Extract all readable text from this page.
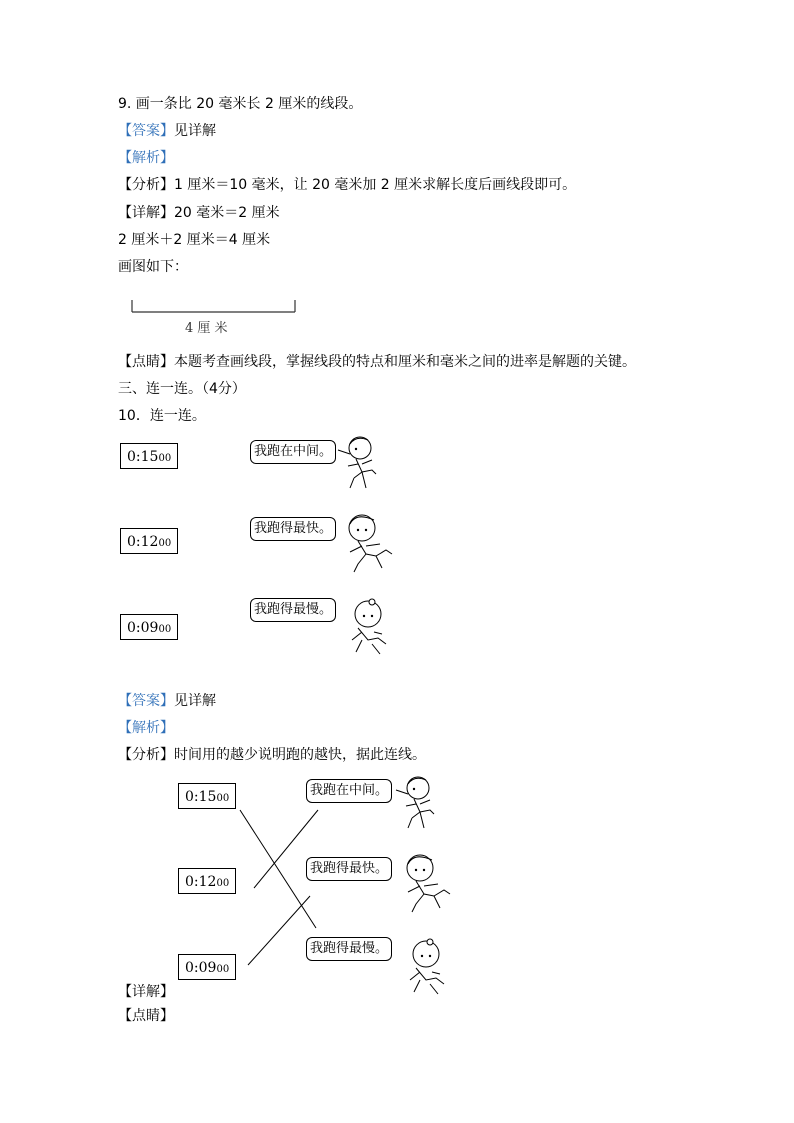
9. 画一条比 20 毫米长 2 厘米的线段。
【答案】见详解
【解析】
【分析】1 厘米＝10 毫米，让 20 毫米加 2 厘米求解长度后画线段即可。
【详解】20 毫米＝2 厘米
2 厘米＋2 厘米＝4 厘米
画图如下：
4 厘 米
【点睛】本题考查画线段，掌握线段的特点和厘米和毫米之间的进率是解题的关键。
三、连一连。（4分）
10．连一连。
0:1500
0:1200
0:0900
我跑在中间。
我跑得最快。
我跑得最慢。
【答案】见详解
【解析】
【分析】时间用的越少说明跑的越快，据此连线。
0:1500
0:1200
0:0900
我跑在中间。
我跑得最快。
我跑得最慢。
【详解】
【点睛】
